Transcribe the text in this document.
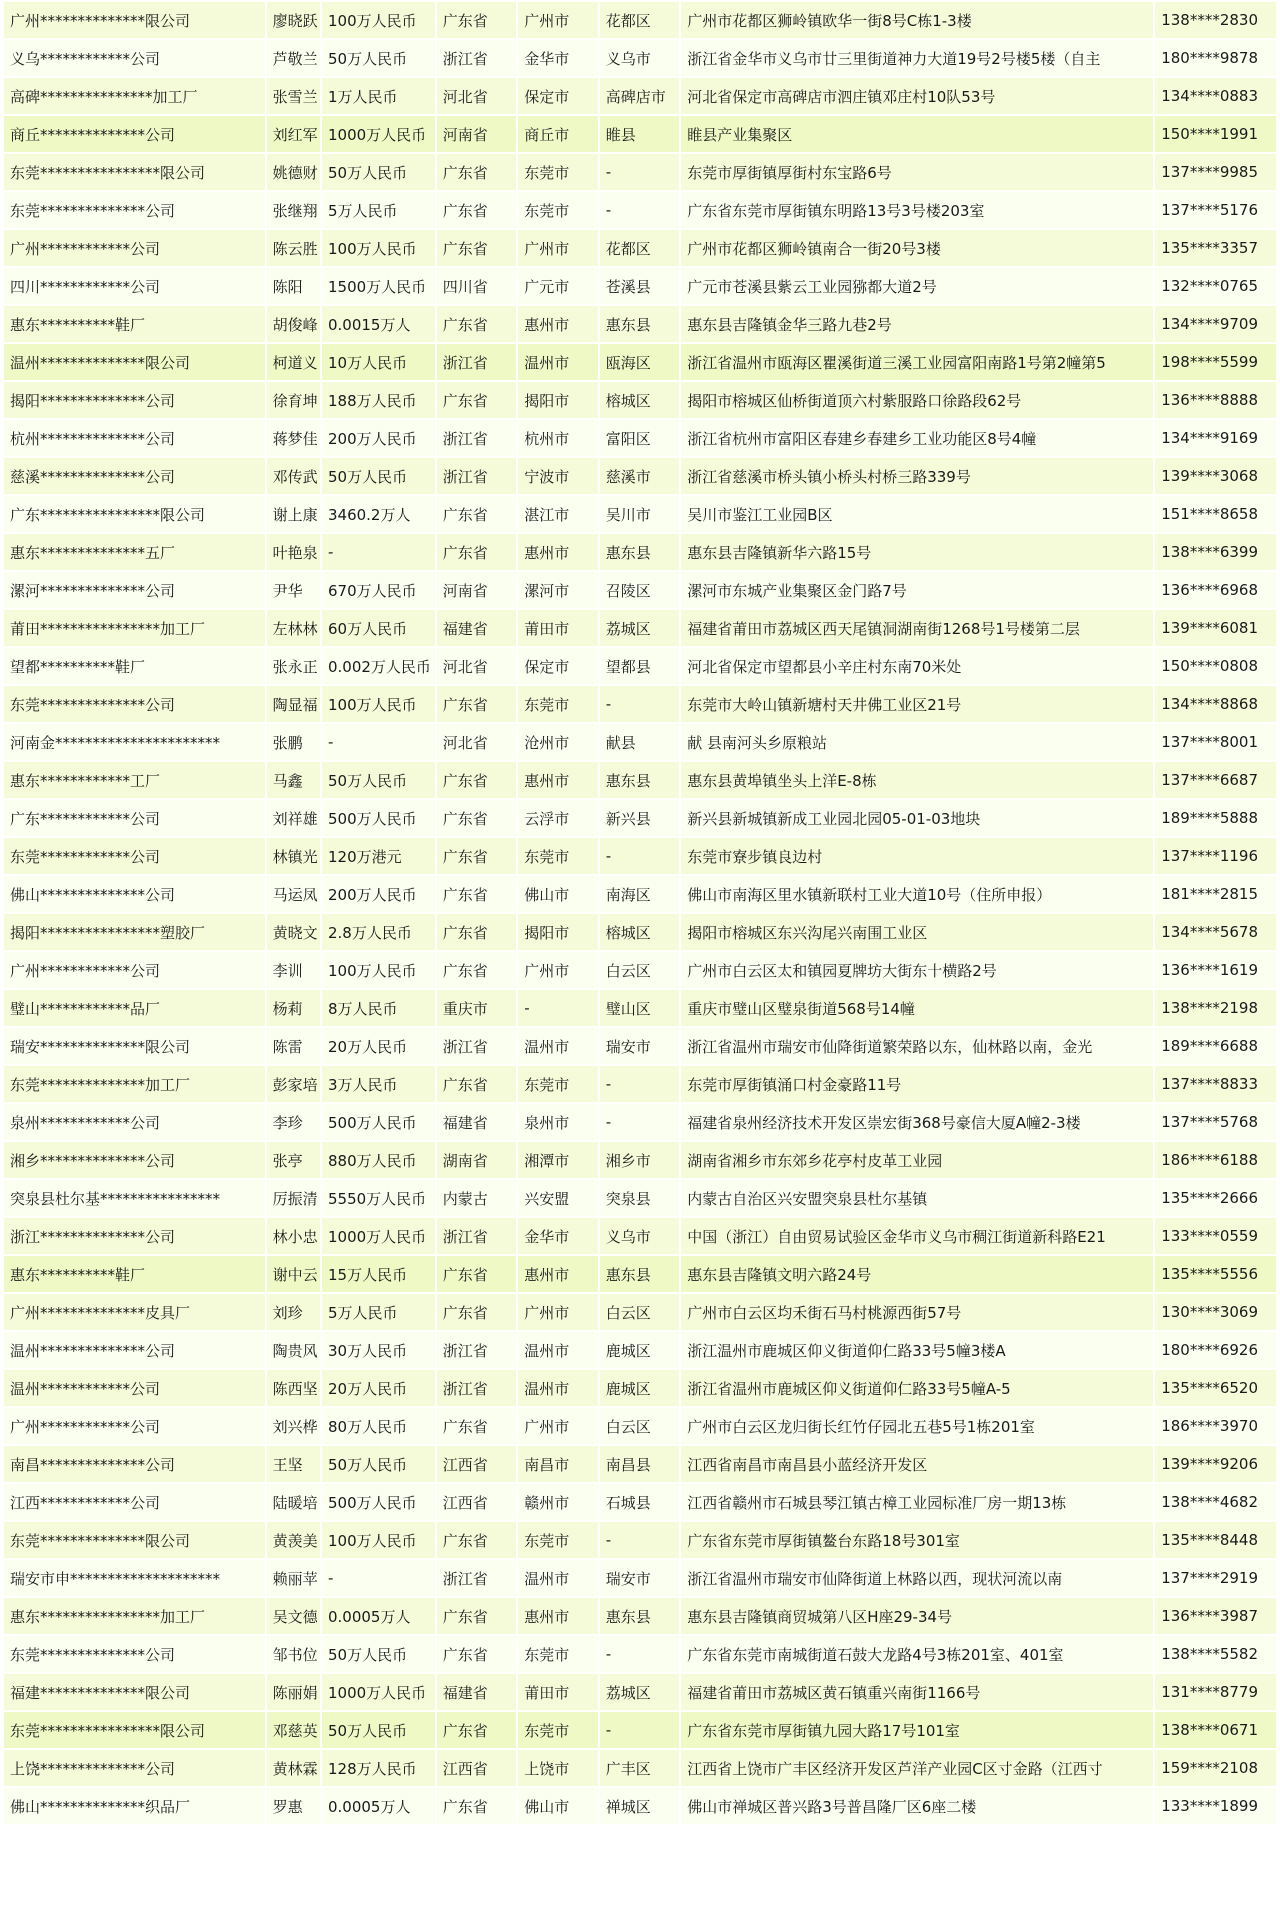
广州**************限公司	廖晓跃	100万人民币	广东省	广州市	花都区	广州市花都区狮岭镇欧华一街8号C栋1-3楼	138****2830
义乌************公司	芦敬兰	50万人民币	浙江省	金华市	义乌市	浙江省金华市义乌市廿三里街道神力大道19号2号楼5楼（自主	180****9878
高碑***************加工厂	张雪兰	1万人民币	河北省	保定市	高碑店市	河北省保定市高碑店市泗庄镇邓庄村10队53号	134****0883
商丘**************公司	刘红军	1000万人民币	河南省	商丘市	睢县	睢县产业集聚区	150****1991
东莞****************限公司	姚德财	50万人民币	广东省	东莞市	-	东莞市厚街镇厚街村东宝路6号	137****9985
东莞**************公司	张继翔	5万人民币	广东省	东莞市	-	广东省东莞市厚街镇东明路13号3号楼203室	137****5176
广州************公司	陈云胜	100万人民币	广东省	广州市	花都区	广州市花都区狮岭镇南合一街20号3楼	135****3357
四川************公司	陈阳	1500万人民币	四川省	广元市	苍溪县	广元市苍溪县紫云工业园猕都大道2号	132****0765
惠东**********鞋厂	胡俊峰	0.0015万人	广东省	惠州市	惠东县	惠东县吉隆镇金华三路九巷2号	134****9709
温州**************限公司	柯道义	10万人民币	浙江省	温州市	瓯海区	浙江省温州市瓯海区瞿溪街道三溪工业园富阳南路1号第2幢第5	198****5599
揭阳**************公司	徐育坤	188万人民币	广东省	揭阳市	榕城区	揭阳市榕城区仙桥街道顶六村紫服路口徐路段62号	136****8888
杭州**************公司	蒋梦佳	200万人民币	浙江省	杭州市	富阳区	浙江省杭州市富阳区春建乡春建乡工业功能区8号4幢	134****9169
慈溪**************公司	邓传武	50万人民币	浙江省	宁波市	慈溪市	浙江省慈溪市桥头镇小桥头村桥三路339号	139****3068
广东****************限公司	谢上康	3460.2万人	广东省	湛江市	吴川市	吴川市鉴江工业园B区	151****8658
惠东**************五厂	叶艳泉	-	广东省	惠州市	惠东县	惠东县吉隆镇新华六路15号	138****6399
漯河**************公司	尹华	670万人民币	河南省	漯河市	召陵区	漯河市东城产业集聚区金门路7号	136****6968
莆田****************加工厂	左林林	60万人民币	福建省	莆田市	荔城区	福建省莆田市荔城区西天尾镇洞湖南街1268号1号楼第二层	139****6081
望都**********鞋厂	张永正	0.002万人民币	河北省	保定市	望都县	河北省保定市望都县小辛庄村东南70米处	150****0808
东莞**************公司	陶显福	100万人民币	广东省	东莞市	-	东莞市大岭山镇新塘村天井佛工业区21号	134****8868
河南金**********************	张鹏	-	河北省	沧州市	献县	献 县南河头乡原粮站	137****8001
惠东************工厂	马鑫	50万人民币	广东省	惠州市	惠东县	惠东县黄埠镇坐头上洋E-8栋	137****6687
广东************公司	刘祥雄	500万人民币	广东省	云浮市	新兴县	新兴县新城镇新成工业园北园05-01-03地块	189****5888
东莞************公司	林镇光	120万港元	广东省	东莞市	-	东莞市寮步镇良边村	137****1196
佛山**************公司	马运凤	200万人民币	广东省	佛山市	南海区	佛山市南海区里水镇新联村工业大道10号（住所申报）	181****2815
揭阳****************塑胶厂	黄晓文	2.8万人民币	广东省	揭阳市	榕城区	揭阳市榕城区东兴沟尾兴南围工业区	134****5678
广州************公司	李训	100万人民币	广东省	广州市	白云区	广州市白云区太和镇园夏牌坊大街东十横路2号	136****1619
璧山************品厂	杨莉	8万人民币	重庆市	-	璧山区	重庆市璧山区璧泉街道568号14幢	138****2198
瑞安**************限公司	陈雷	20万人民币	浙江省	温州市	瑞安市	浙江省温州市瑞安市仙降街道繁荣路以东，仙林路以南，金光	189****6688
东莞**************加工厂	彭家培	3万人民币	广东省	东莞市	-	东莞市厚街镇涌口村金豪路11号	137****8833
泉州************公司	李珍	500万人民币	福建省	泉州市	-	福建省泉州经济技术开发区崇宏街368号豪信大厦A幢2-3楼	137****5768
湘乡**************公司	张亭	880万人民币	湖南省	湘潭市	湘乡市	湖南省湘乡市东郊乡花亭村皮革工业园	186****6188
突泉县杜尔基****************	厉振清	5550万人民币	内蒙古	兴安盟	突泉县	内蒙古自治区兴安盟突泉县杜尔基镇	135****2666
浙江**************公司	林小忠	1000万人民币	浙江省	金华市	义乌市	中国（浙江）自由贸易试验区金华市义乌市稠江街道新科路E21	133****0559
惠东**********鞋厂	谢中云	15万人民币	广东省	惠州市	惠东县	惠东县吉隆镇文明六路24号	135****5556
广州**************皮具厂	刘珍	5万人民币	广东省	广州市	白云区	广州市白云区均禾街石马村桃源西街57号	130****3069
温州**************公司	陶贵风	30万人民币	浙江省	温州市	鹿城区	浙江温州市鹿城区仰义街道仰仁路33号5幢3楼A	180****6926
温州************公司	陈西坚	20万人民币	浙江省	温州市	鹿城区	浙江省温州市鹿城区仰义街道仰仁路33号5幢A-5	135****6520
广州************公司	刘兴桦	80万人民币	广东省	广州市	白云区	广州市白云区龙归街长红竹仔园北五巷5号1栋201室	186****3970
南昌**************公司	王坚	50万人民币	江西省	南昌市	南昌县	江西省南昌市南昌县小蓝经济开发区	139****9206
江西************公司	陆暖培	500万人民币	江西省	赣州市	石城县	江西省赣州市石城县琴江镇古樟工业园标准厂房一期13栋	138****4682
东莞**************限公司	黄羡美	100万人民币	广东省	东莞市	-	广东省东莞市厚街镇鳌台东路18号301室	135****8448
瑞安市申********************	赖丽苹	-	浙江省	温州市	瑞安市	浙江省温州市瑞安市仙降街道上林路以西，现状河流以南	137****2919
惠东****************加工厂	吴文德	0.0005万人	广东省	惠州市	惠东县	惠东县吉隆镇商贸城第八区H座29-34号	136****3987
东莞**************公司	邹书位	50万人民币	广东省	东莞市	-	广东省东莞市南城街道石鼓大龙路4号3栋201室、401室	138****5582
福建**************限公司	陈丽娟	1000万人民币	福建省	莆田市	荔城区	福建省莆田市荔城区黄石镇重兴南街1166号	131****8779
东莞****************限公司	邓慈英	50万人民币	广东省	东莞市	-	广东省东莞市厚街镇九园大路17号101室	138****0671
上饶**************公司	黄林霖	128万人民币	江西省	上饶市	广丰区	江西省上饶市广丰区经济开发区芦洋产业园C区寸金路（江西寸	159****2108
佛山**************织品厂	罗惠	0.0005万人	广东省	佛山市	禅城区	佛山市禅城区普兴路3号普昌隆厂区6座二楼	133****1899
